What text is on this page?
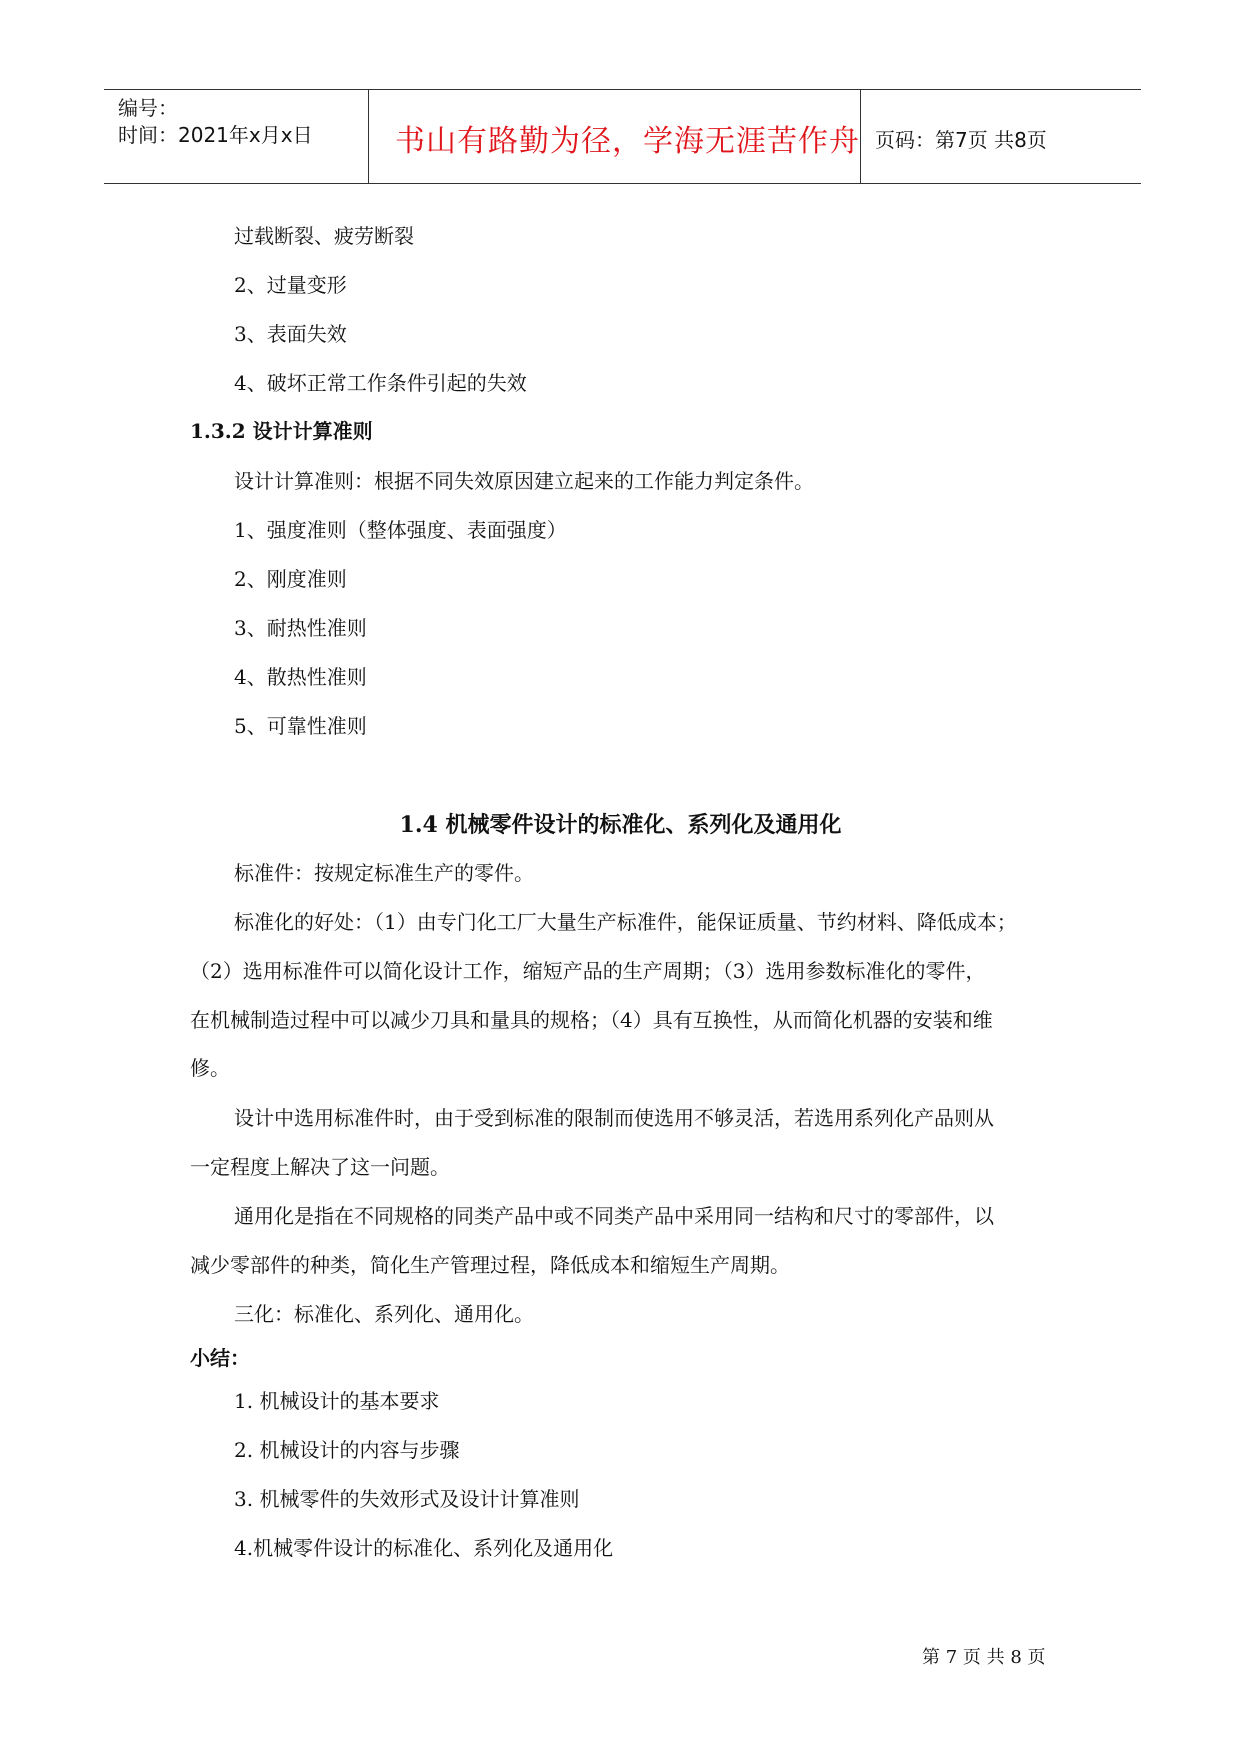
编号：
时间：2021年x月x日	书山有路勤为径，学海无涯苦作舟 页码：第7页 共8页
过载断裂、疲劳断裂
2、过量变形
3、表面失效
4、破坏正常工作条件引起的失效
1.3.2 设计计算准则
设计计算准则：根据不同失效原因建立起来的工作能力判定条件。
1、强度准则（整体强度、表面强度）
2、刚度准则
3、耐热性准则
4、散热性准则
5、可靠性准则
1.4 机械零件设计的标准化、系列化及通用化
标准件：按规定标准生产的零件。
标准化的好处：（1）由专门化工厂大量生产标准件，能保证质量、节约材料、降低成本；
（2）选用标准件可以简化设计工作，缩短产品的生产周期；（3）选用参数标准化的零件，
在机械制造过程中可以减少刀具和量具的规格；（4）具有互换性，从而简化机器的安装和维
修。
设计中选用标准件时，由于受到标准的限制而使选用不够灵活，若选用系列化产品则从
一定程度上解决了这一问题。
通用化是指在不同规格的同类产品中或不同类产品中采用同一结构和尺寸的零部件，以
减少零部件的种类，简化生产管理过程，降低成本和缩短生产周期。
三化：标准化、系列化、通用化。
小结：
1. 机械设计的基本要求
2. 机械设计的内容与步骤
3. 机械零件的失效形式及设计计算准则
4.机械零件设计的标准化、系列化及通用化
第 7 页 共 8 页
